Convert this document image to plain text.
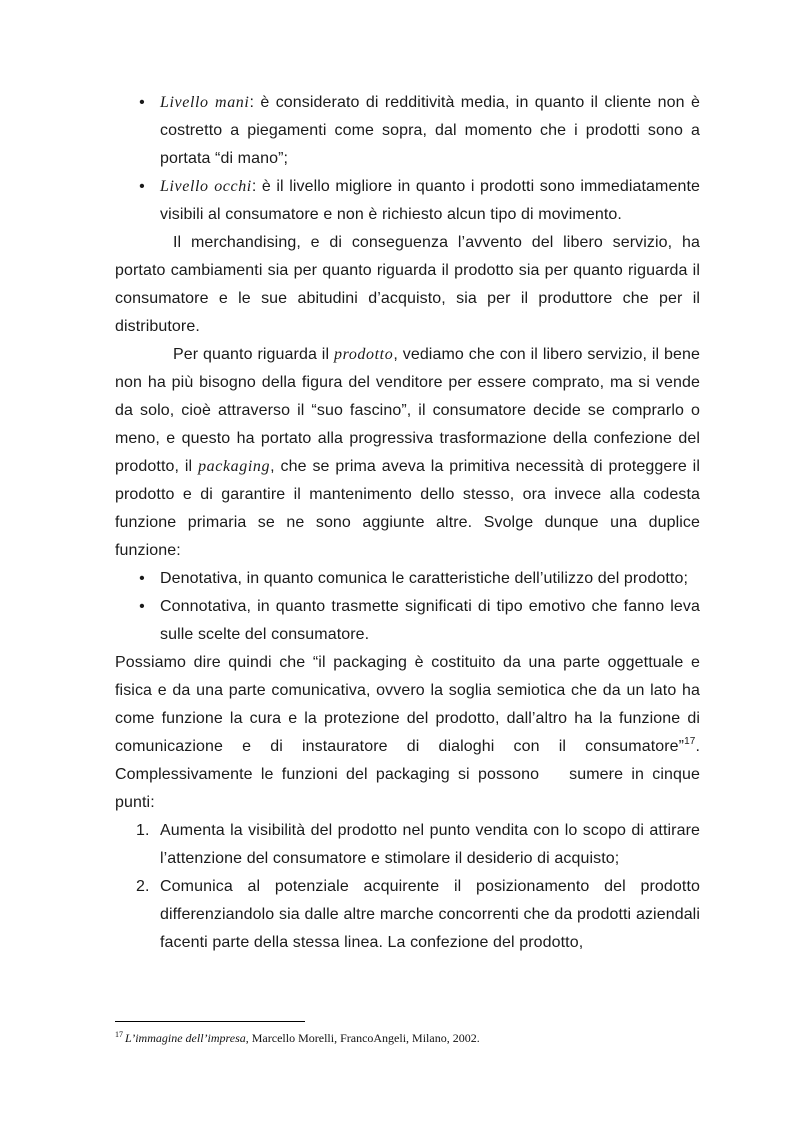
• Livello mani: è considerato di redditività media, in quanto il cliente non è costretto a piegamenti come sopra, dal momento che i prodotti sono a portata “di mano”;
• Livello occhi: è il livello migliore in quanto i prodotti sono immediatamente visibili al consumatore e non è richiesto alcun tipo di movimento.

Il merchandising, e di conseguenza l’avvento del libero servizio, ha portato cambiamenti sia per quanto riguarda il prodotto sia per quanto riguarda il consumatore e le sue abitudini d’acquisto, sia per il produttore che per il distributore.

Per quanto riguarda il prodotto, vediamo che con il libero servizio, il bene non ha più bisogno della figura del venditore per essere comprato, ma si vende da solo, cioè attraverso il “suo fascino”, il consumatore decide se comprarlo o meno, e questo ha portato alla progressiva trasformazione della confezione del prodotto, il packaging, che se prima aveva la primitiva necessità di proteggere il prodotto e di garantire il mantenimento dello stesso, ora invece alla codesta funzione primaria se ne sono aggiunte altre. Svolge dunque una duplice funzione:

• Denotativa, in quanto comunica le caratteristiche dell’utilizzo del prodotto;
• Connotativa, in quanto trasmette significati di tipo emotivo che fanno leva sulle scelte del consumatore.

Possiamo dire quindi che “il packaging è costituito da una parte oggettuale e fisica e da una parte comunicativa, ovvero la soglia semiotica che da un lato ha come funzione la cura e la protezione del prodotto, dall’altro ha la funzione di comunicazione e di instauratore di dialoghi con il consumatore”$^{17}$. Complessivamente le funzioni del packaging si possono sumere in cinque punti:

1. Aumenta la visibilità del prodotto nel punto vendita con lo scopo di attirare l’attenzione del consumatore e stimolare il desiderio di acquisto;
2. Comunica al potenziale acquirente il posizionamento del prodotto differenziandolo sia dalle altre marche concorrenti che da prodotti aziendali facenti parte della stessa linea. La confezione del prodotto,
$^{17}$ L’immagine dell’impresa, Marcello Morelli, FrancoAngeli, Milano, 2002.
